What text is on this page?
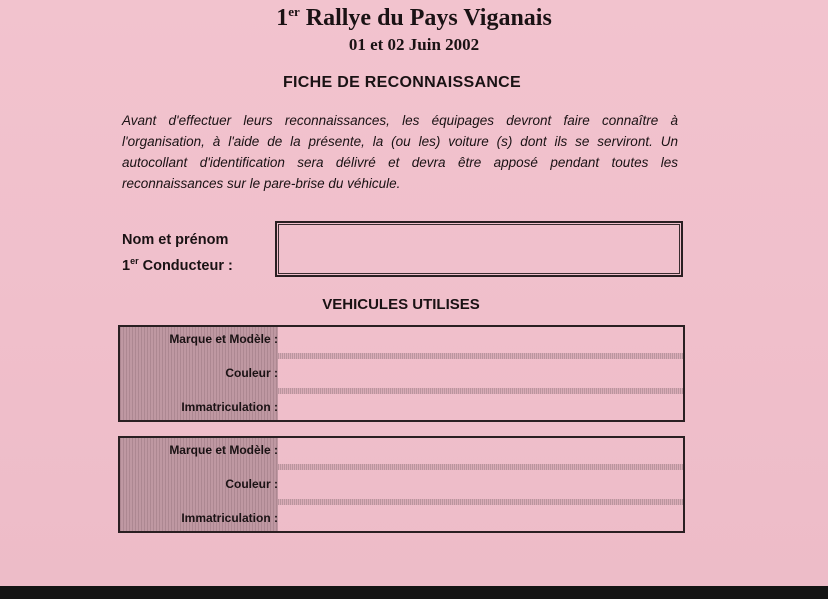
1er Rallye du Pays Viganais
01 et 02 Juin 2002
FICHE DE RECONNAISSANCE
Avant d'effectuer leurs reconnaissances, les équipages devront faire connaître à l'organisation, à l'aide de la présente, la (ou les) voiture (s) dont ils se serviront. Un autocollant d'identification sera délivré et devra être apposé pendant toutes les reconnaissances sur le pare-brise du véhicule.
Nom et prénom
1er Conducteur :
VEHICULES UTILISES
Marque et Modèle :
Couleur :
Immatriculation :
Marque et Modèle :
Couleur :
Immatriculation :
